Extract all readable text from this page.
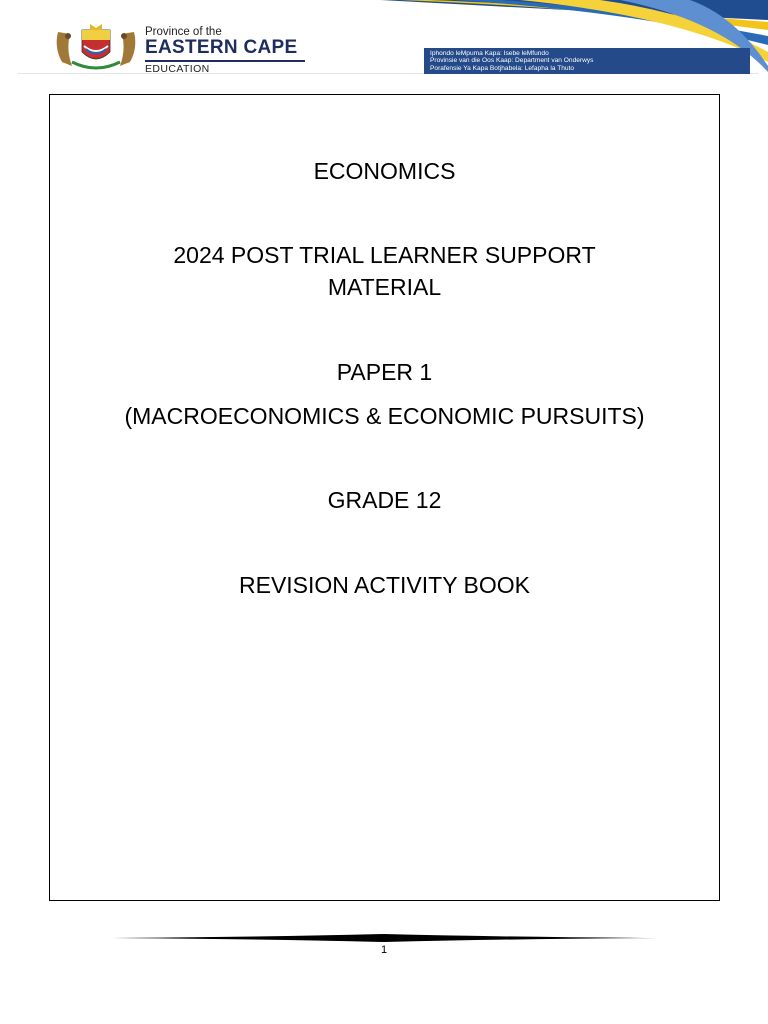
Province of the
EASTERN CAPE
EDUCATION
Iphondo leMpuma Kapa: Isebe leMfundo
Provinsie van die Oos Kaap: Department van Onderwys
Porafensie Ya Kapa Botjhabela: Lefapha la Thuto
ECONOMICS
2024 POST TRIAL LEARNER SUPPORT
MATERIAL
PAPER 1
(MACROECONOMICS & ECONOMIC PURSUITS)
GRADE 12
REVISION ACTIVITY BOOK
1
